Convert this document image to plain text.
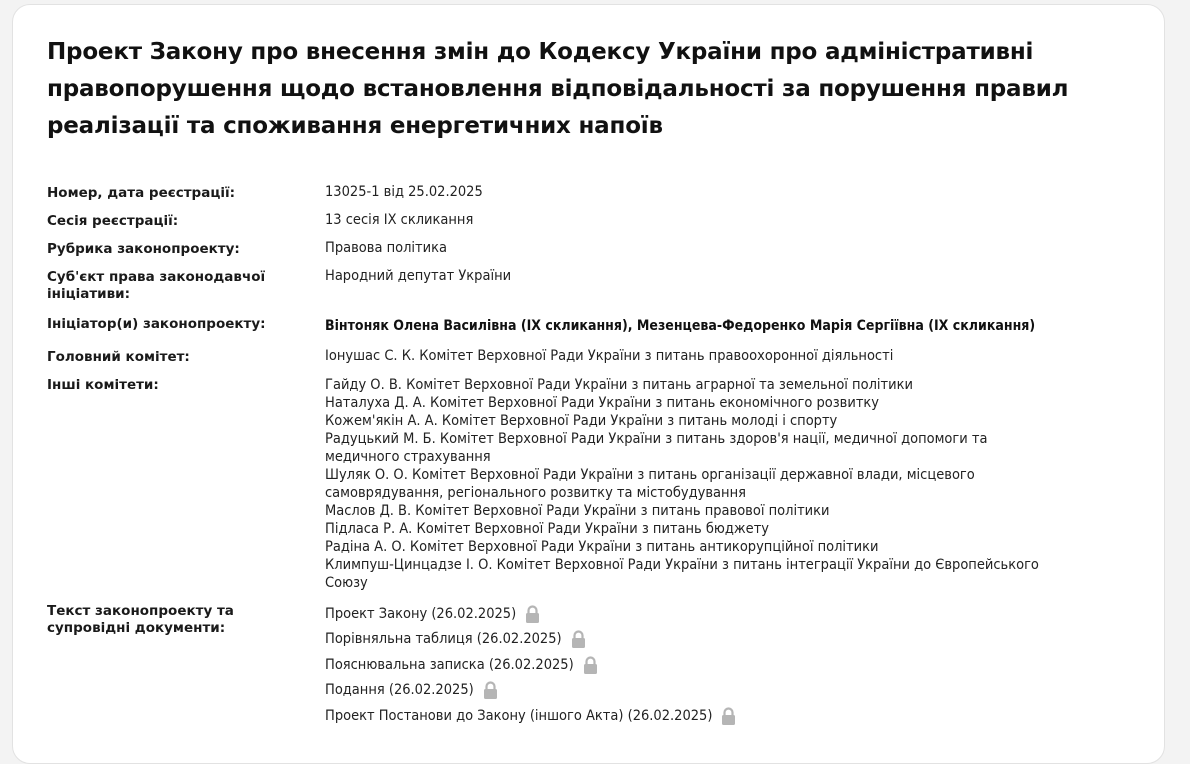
Проект Закону про внесення змін до Кодексу України про адміністративні правопорушення щодо встановлення відповідальності за порушення правил реалізації та споживання енергетичних напоїв
Номер, дата реєстрації:	13025-1 від 25.02.2025
Сесія реєстрації:	13 сесія IX скликання
Рубрика законопроекту:	Правова політика
Суб'єкт права законодавчої ініціативи:
Народний депутат України
Ініціатор(и) законопроекту:	Вінтоняк Олена Василівна (IX скликання), Мезенцева-Федоренко Марія Сергіївна (IX скликання)
Головний комітет:	Іонушас С. К. Комітет Верховної Ради України з питань правоохоронної діяльності
Інші комітети:	Гайду О. В. Комітет Верховної Ради України з питань аграрної та земельної політики
Наталуха Д. А. Комітет Верховної Ради України з питань економічного розвитку
Кожем'якін А. А. Комітет Верховної Ради України з питань молоді і спорту
Радуцький М. Б. Комітет Верховної Ради України з питань здоров'я нації, медичної допомоги та
медичного страхування
Шуляк О. О. Комітет Верховної Ради України з питань організації державної влади, місцевого
самоврядування, регіонального розвитку та містобудування
Маслов Д. В. Комітет Верховної Ради України з питань правової політики
Підласа Р. А. Комітет Верховної Ради України з питань бюджету
Радіна А. О. Комітет Верховної Ради України з питань антикорупційної політики
Климпуш-Цинцадзе І. О. Комітет Верховної Ради України з питань інтеграції України до Європейського
Союзу
Текст законопроекту та супровідні документи:
Проект Закону (26.02.2025)
Порівняльна таблиця (26.02.2025)
Пояснювальна записка (26.02.2025)
Подання (26.02.2025)
Проект Постанови до Закону (іншого Акта) (26.02.2025)
